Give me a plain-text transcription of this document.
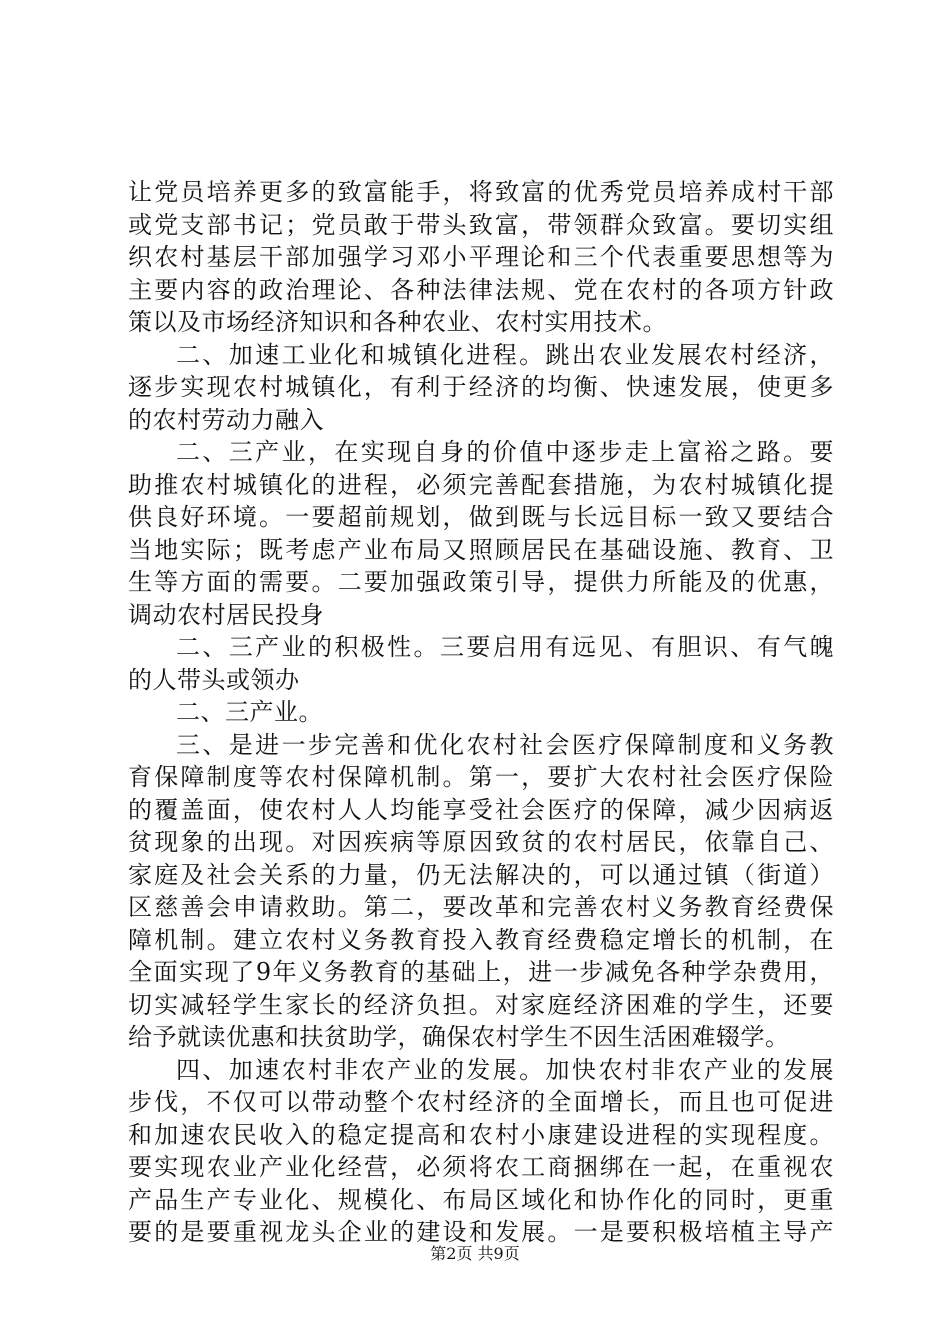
让党员培养更多的致富能手，将致富的优秀党员培养成村干部
或党支部书记；党员敢于带头致富，带领群众致富。要切实组
织农村基层干部加强学习邓小平理论和三个代表重要思想等为
主要内容的政治理论、各种法律法规、党在农村的各项方针政
策以及市场经济知识和各种农业、农村实用技术。
二、加速工业化和城镇化进程。跳出农业发展农村经济，
逐步实现农村城镇化，有利于经济的均衡、快速发展，使更多
的农村劳动力融入
二、三产业，在实现自身的价值中逐步走上富裕之路。要
助推农村城镇化的进程，必须完善配套措施，为农村城镇化提
供良好环境。一要超前规划，做到既与长远目标一致又要结合
当地实际；既考虑产业布局又照顾居民在基础设施、教育、卫
生等方面的需要。二要加强政策引导，提供力所能及的优惠，
调动农村居民投身
二、三产业的积极性。三要启用有远见、有胆识、有气魄
的人带头或领办
二、三产业。
三、是进一步完善和优化农村社会医疗保障制度和义务教
育保障制度等农村保障机制。第一，要扩大农村社会医疗保险
的覆盖面，使农村人人均能享受社会医疗的保障，减少因病返
贫现象的出现。对因疾病等原因致贫的农村居民，依靠自己、
家庭及社会关系的力量，仍无法解决的，可以通过镇（街道）
区慈善会申请救助。第二，要改革和完善农村义务教育经费保
障机制。建立农村义务教育投入教育经费稳定增长的机制，在
全面实现了9年义务教育的基础上，进一步减免各种学杂费用，
切实减轻学生家长的经济负担。对家庭经济困难的学生，还要
给予就读优惠和扶贫助学，确保农村学生不因生活困难辍学。
四、加速农村非农产业的发展。加快农村非农产业的发展
步伐，不仅可以带动整个农村经济的全面增长，而且也可促进
和加速农民收入的稳定提高和农村小康建设进程的实现程度。
要实现农业产业化经营，必须将农工商捆绑在一起，在重视农
产品生产专业化、规模化、布局区域化和协作化的同时，更重
要的是要重视龙头企业的建设和发展。一是要积极培植主导产
第2页 共9页
